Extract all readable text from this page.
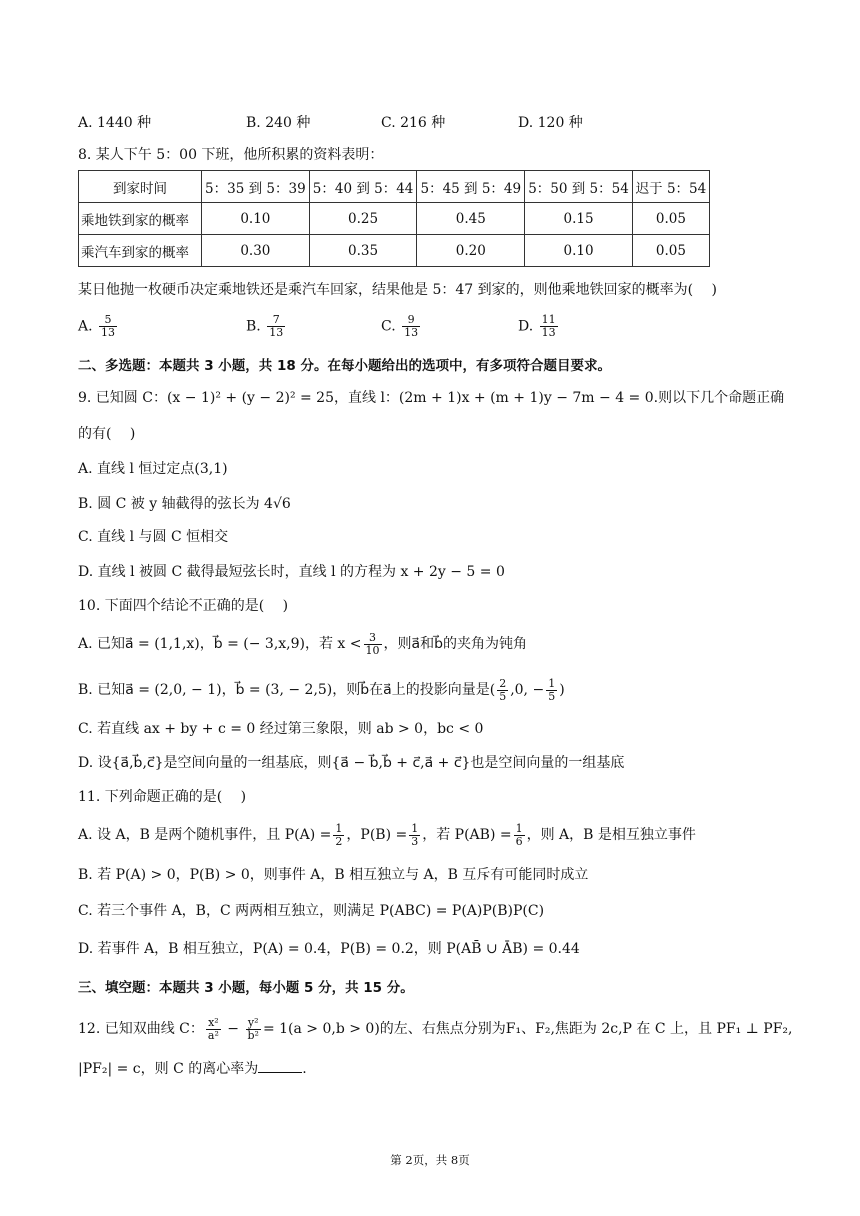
A. 1440 种	B. 240 种	C. 216 种	D. 120 种
8. 某人下午 5：00 下班，他所积累的资料表明：
到家时间	5：35 到 5：39	5：40 到 5：44	5：45 到 5：49	5：50 到 5：54	迟于 5：54
乘地铁到家的概率	0.10	0.25	0.45	0.15	0.05
乘汽车到家的概率	0.30	0.35	0.20	0.10	0.05
某日他抛一枚硬币决定乘地铁还是乘汽车回家，结果他是 5：47 到家的，则他乘地铁回家的概率为(　 )
A. $\frac{5}{13}$	B. $\frac{7}{13}$	C. $\frac{9}{13}$	D. $\frac{11}{13}$
二、多选题：本题共 3 小题，共 18 分。在每小题给出的选项中，有多项符合题目要求。
9. 已知圆 C：(x − 1)² + (y − 2)² = 25，直线 l：(2m + 1)x + (m + 1)y − 7m − 4 = 0.则以下几个命题正确
的有(　 )
A. 直线 l 恒过定点(3,1)
B. 圆 C 被 y 轴截得的弦长为 4√6
C. 直线 l 与圆 C 恒相交
D. 直线 l 被圆 C 截得最短弦长时，直线 l 的方程为 x + 2y − 5 = 0
10. 下面四个结论不正确的是(　 )
A. 已知a⃗ = (1,1,x)，b⃗ = (− 3,x,9)，若 $x < \frac{3}{10}$ ，则a⃗和b⃗的夹角为钝角
B. 已知a⃗ = (2,0, − 1)，b⃗ = (3, − 2,5)，则b⃗在a⃗上的投影向量是( $\frac{2}{5} ,0$, − $\frac{1}{5}$ )
C. 若直线 ax + by + c = 0 经过第三象限，则 ab > 0，bc < 0
D. 设{a⃗,b⃗,c⃗}是空间向量的一组基底，则{a⃗ − b⃗,b⃗ + c⃗,a⃗ + c⃗}也是空间向量的一组基底
11. 下列命题正确的是(　 )
A. 设 A，B 是两个随机事件，且 $P(A) = \frac{1}{2}$ ，$P(B) = \frac{1}{3}$ ，若 $P(AB) = \frac{1}{6}$ ，则 A，B 是相互独立事件
B. 若 P(A) > 0，P(B) > 0，则事件 A，B 相互独立与 A，B 互斥有可能同时成立
C. 若三个事件 A，B，C 两两相互独立，则满足 P(ABC) = P(A)P(B)P(C)
D. 若事件 A，B 相互独立，P(A) = 0.4，P(B) = 0.2，则 P(AB̄ ∪ ĀB) = 0.44
三、填空题：本题共 3 小题，每小题 5 分，共 15 分。
12. 已知双曲线 C： $\frac{\text{x²}}{\text{a²}} - \frac{\text{y²}}{\text{b²}} = 1(a > 0,b > 0)$的左、右焦点分别为F₁、F₂,焦距为 2c,P 在 C 上，且 PF₁ ⊥ PF₂,
|PF₂| = c，则 C 的离心率为	.
第 2页，共 8页
